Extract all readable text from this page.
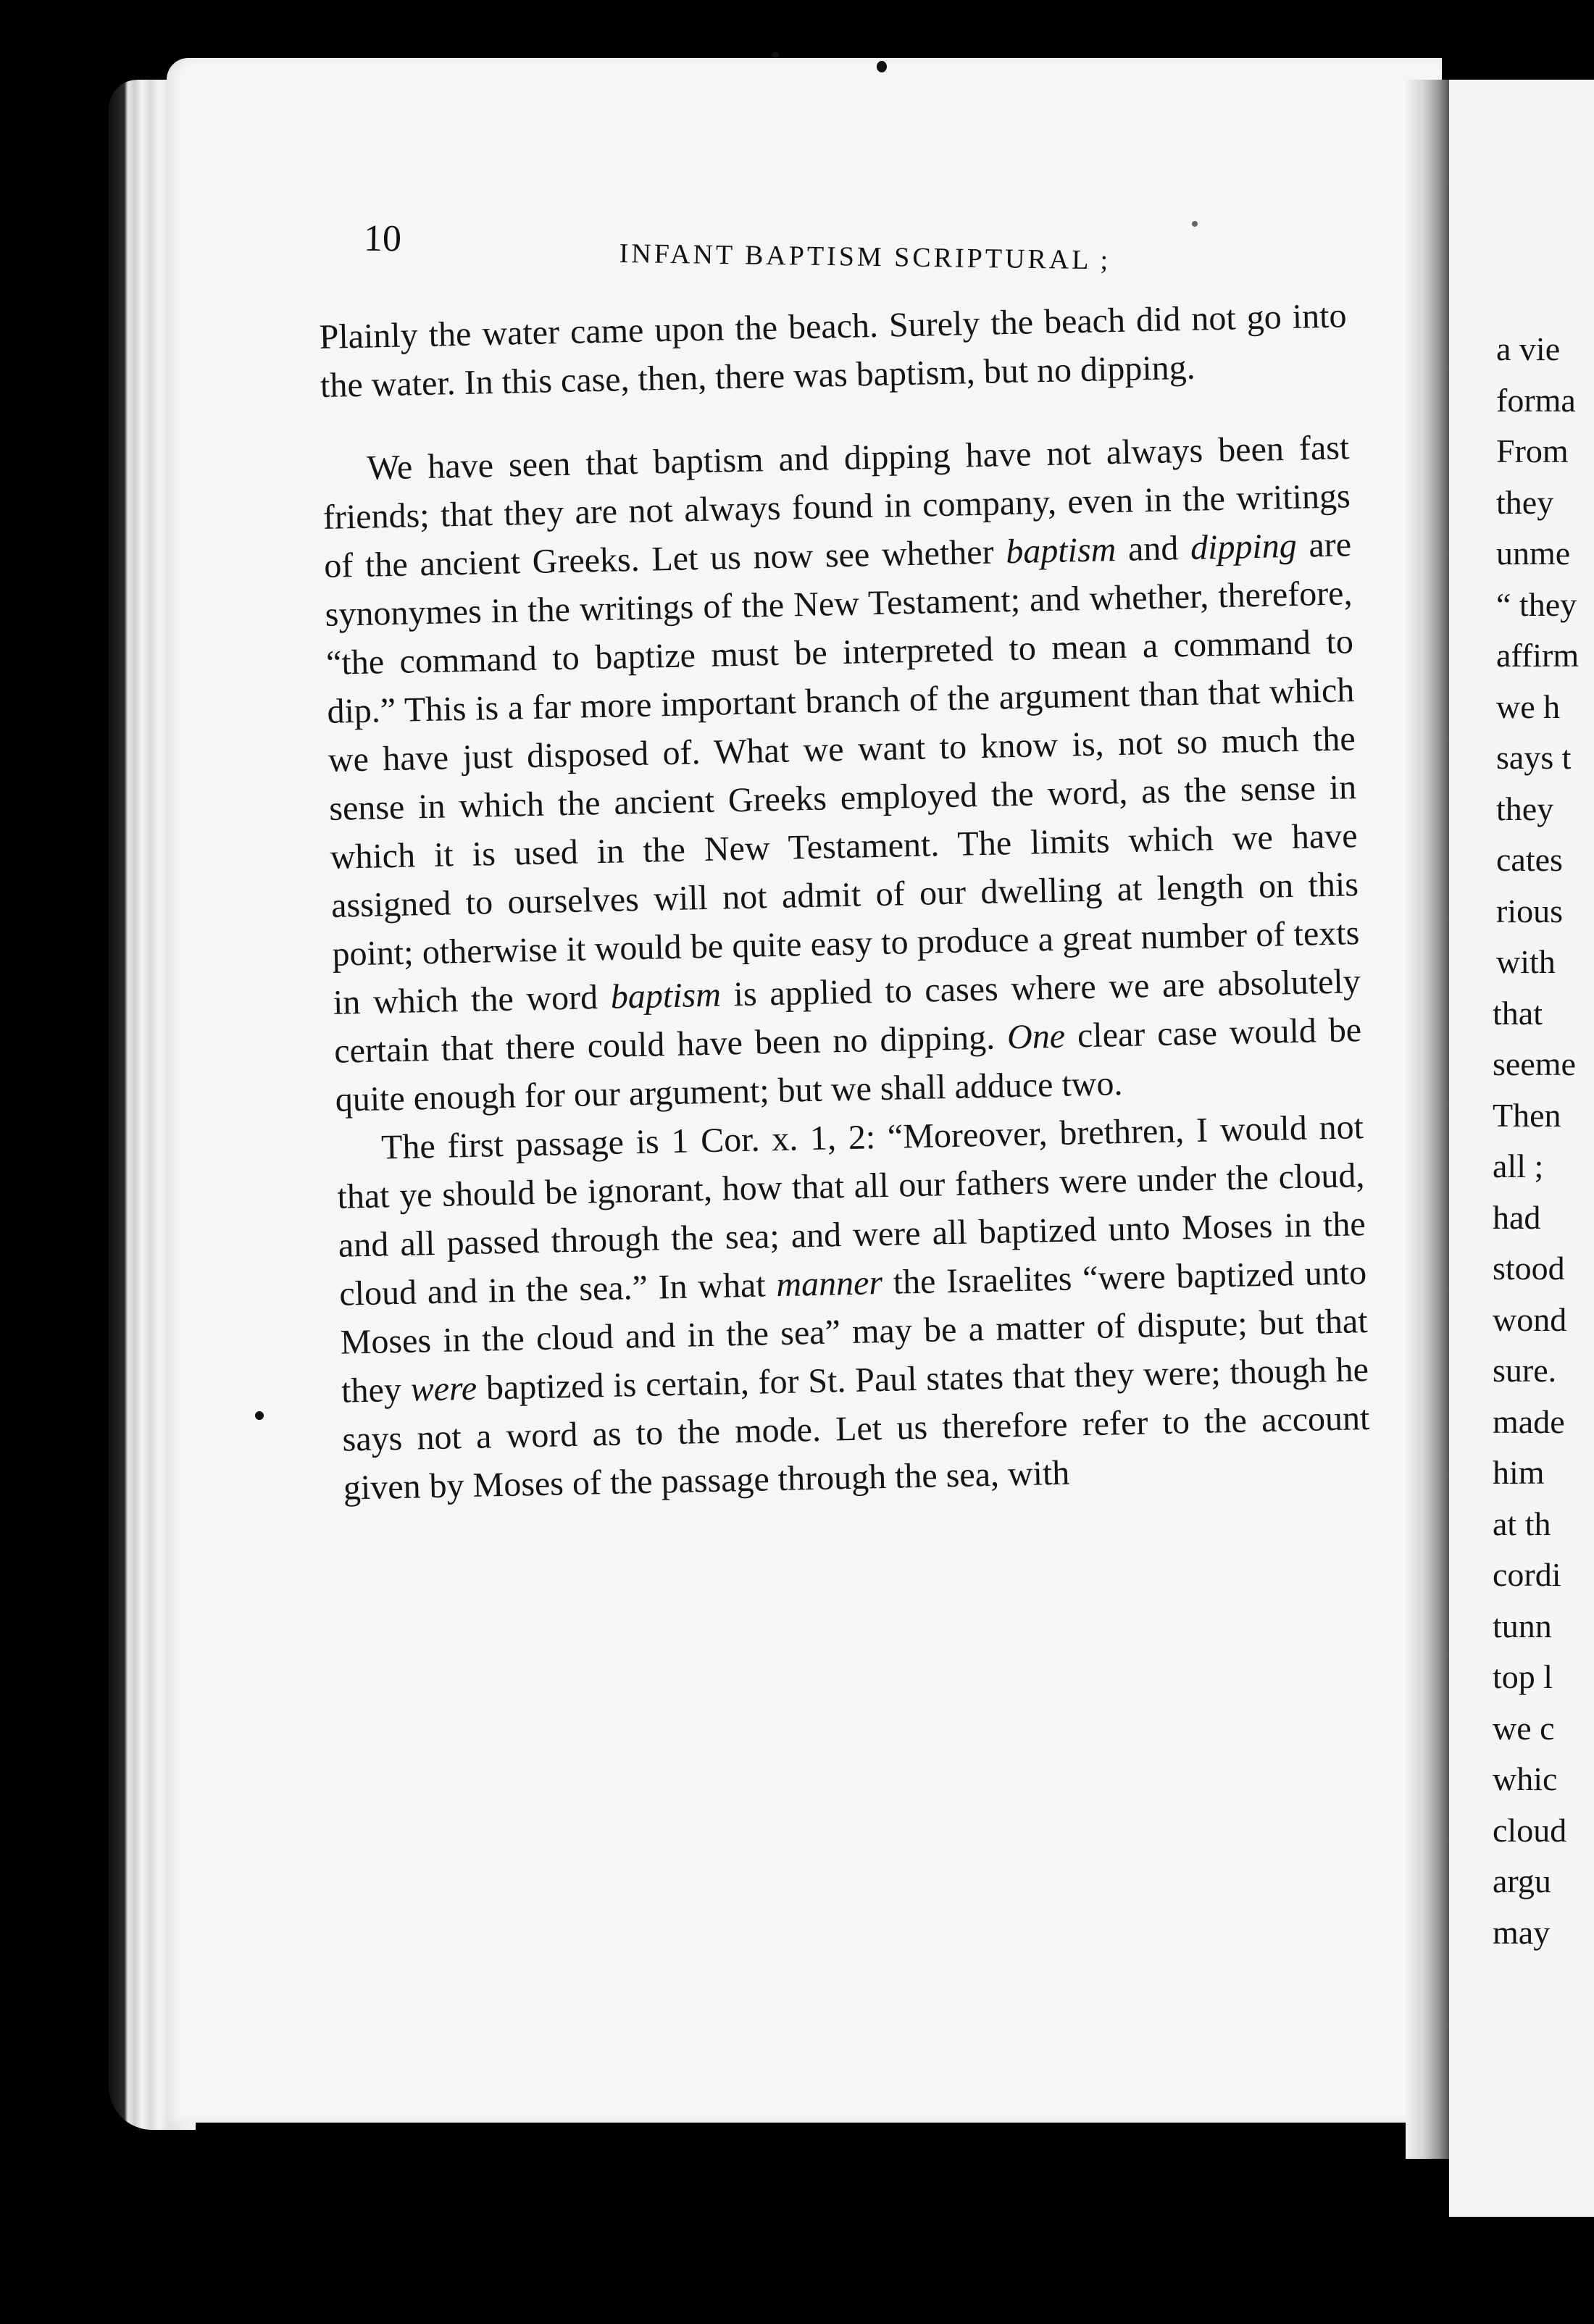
10	INFANT BAPTISM SCRIPTURAL ;

Plainly the water came upon the beach. Surely the beach did not go into the water. In this case, then, there was baptism, but no dipping.

We have seen that baptism and dipping have not always been fast friends; that they are not always found in company, even in the writings of the ancient Greeks. Let us now see whether baptism and dipping are synonymes in the writings of the New Testament; and whether, therefore, “the command to baptize must be interpreted to mean a command to dip.” This is a far more important branch of the argument than that which we have just disposed of. What we want to know is, not so much the sense in which the ancient Greeks employed the word, as the sense in which it is used in the New Testament. The limits which we have assigned to ourselves will not admit of our dwelling at length on this point; otherwise it would be quite easy to produce a great number of texts in which the word baptism is applied to cases where we are absolutely certain that there could have been no dipping. One clear case would be quite enough for our argument; but we shall adduce two.

The first passage is 1 Cor. x. 1, 2: “Moreover, brethren, I would not that ye should be ignorant, how that all our fathers were under the cloud, and all passed through the sea; and were all baptized unto Moses in the cloud and in the sea.” In what manner the Israelites “were baptized unto Moses in the cloud and in the sea” may be a matter of dispute; but that they were baptized is certain, for St. Paul states that they were; though he says not a word as to the mode. Let us therefore refer to the account given by Moses of the passage through the sea, with

a vie
forma
From
they
unme
“ they
affirm
we h
says t
they
cates
rious
with
that
seeme
Then
all ;
had
stood
wond
sure.
made
him
at th
cordi
tunn
top l
we c
whic
cloud
argu
may
